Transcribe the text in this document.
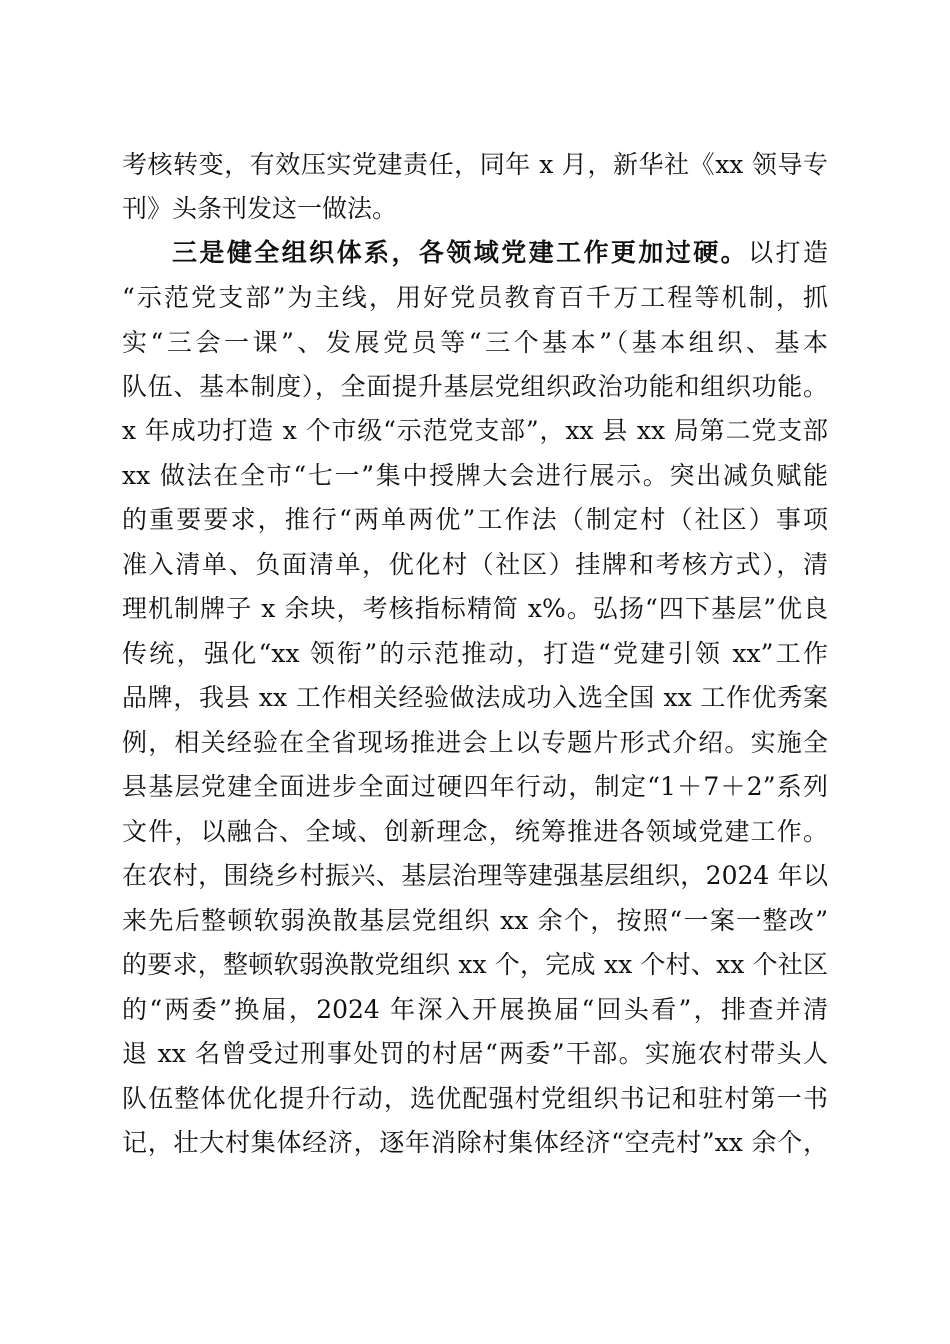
考核转变，有效压实党建责任，同年 x 月，新华社《xx 领导专
刊》头条刊发这一做法。
三是健全组织体系，各领域党建工作更加过硬。以打造
“示范党支部”为主线，用好党员教育百千万工程等机制，抓
实“三会一课”、发展党员等“三个基本”（基本组织、基本
队伍、基本制度），全面提升基层党组织政治功能和组织功能。
x 年成功打造 x 个市级“示范党支部”，xx 县 xx 局第二党支部
xx 做法在全市“七一”集中授牌大会进行展示。突出减负赋能
的重要要求，推行“两单两优”工作法（制定村（社区）事项
准入清单、负面清单，优化村（社区）挂牌和考核方式），清
理机制牌子 x 余块，考核指标精简 x%。弘扬“四下基层”优良
传统，强化“xx 领衔”的示范推动，打造“党建引领 xx”工作
品牌，我县 xx 工作相关经验做法成功入选全国 xx 工作优秀案
例，相关经验在全省现场推进会上以专题片形式介绍。实施全
县基层党建全面进步全面过硬四年行动，制定“1＋7＋2”系列
文件，以融合、全域、创新理念，统筹推进各领域党建工作。
在农村，围绕乡村振兴、基层治理等建强基层组织，2024 年以
来先后整顿软弱涣散基层党组织 xx 余个，按照“一案一整改”
的要求，整顿软弱涣散党组织 xx 个，完成 xx 个村、xx 个社区
的“两委”换届，2024 年深入开展换届“回头看”，排查并清
退 xx 名曾受过刑事处罚的村居“两委”干部。实施农村带头人
队伍整体优化提升行动，选优配强村党组织书记和驻村第一书
记，壮大村集体经济，逐年消除村集体经济“空壳村”xx 余个，
